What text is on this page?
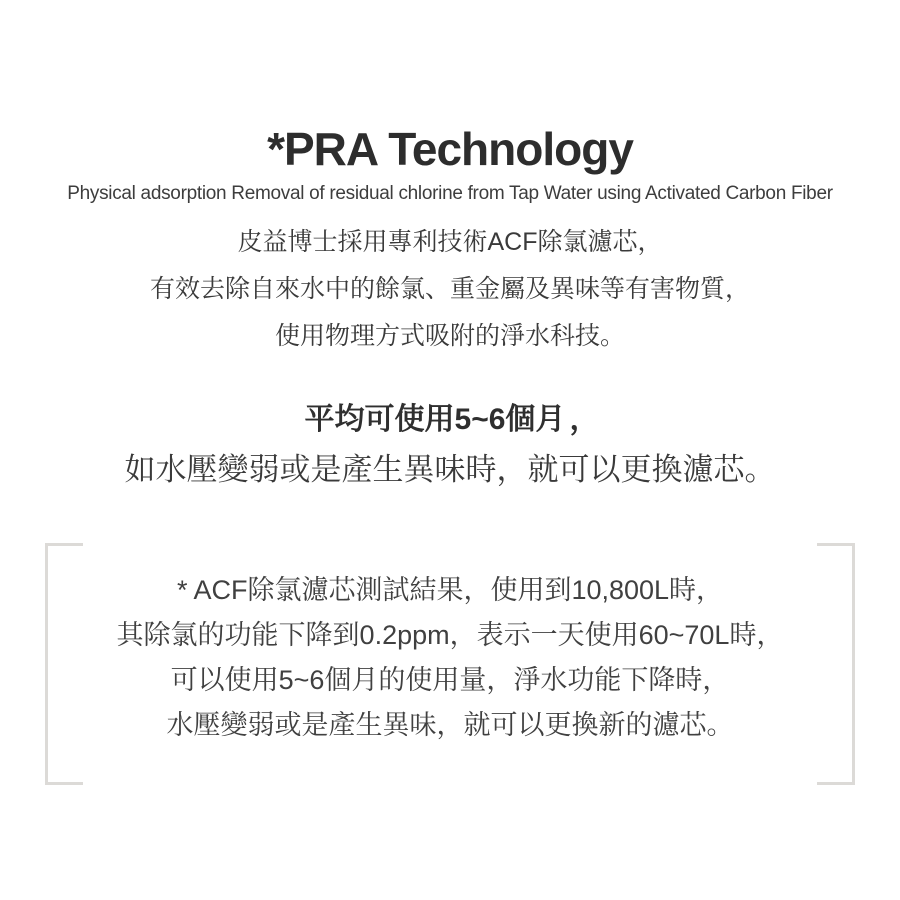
*PRA Technology
Physical adsorption Removal of residual chlorine from Tap Water using Activated Carbon Fiber
皮益博士採用專利技術ACF除氯濾芯，
有效去除自來水中的餘氯、重金屬及異味等有害物質，
使用物理方式吸附的淨水科技。
平均可使用5~6個月 ，
如水壓變弱或是產生異味時，就可以更換濾芯。
* ACF除氯濾芯測試結果，使用到10,800L時，
其除氯的功能下降到0.2ppm，表示一天使用60~70L時，
可以使用5~6個月的使用量，淨水功能下降時，
水壓變弱或是產生異味，就可以更換新的濾芯。
